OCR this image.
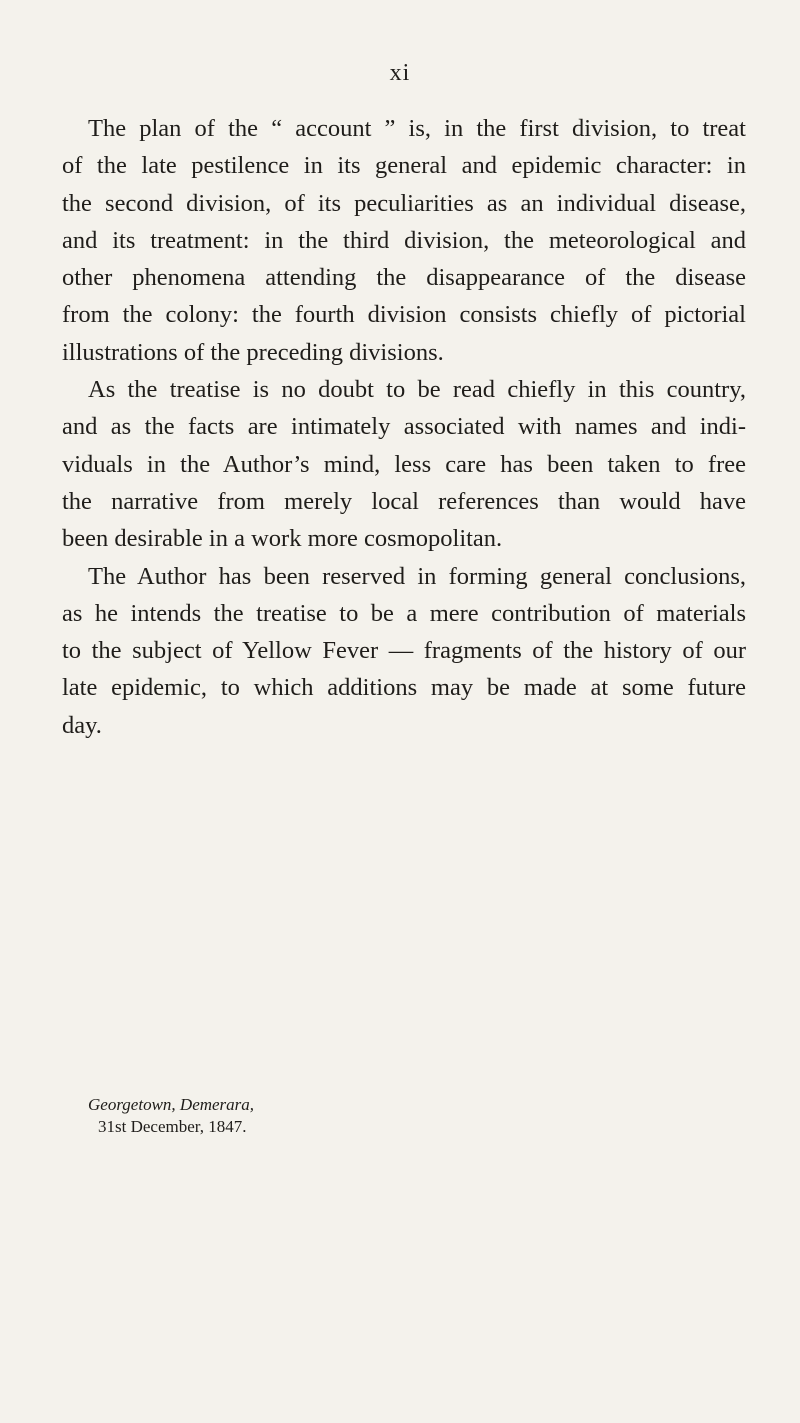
xi
The plan of the “ account ” is, in the first division, to treat
of the late pestilence in its general and epidemic character: in
the second division, of its peculiarities as an individual disease,
and its treatment: in the third division, the meteorological and
other phenomena attending the disappearance of the disease
from the colony: the fourth division consists chiefly of pictorial
illustrations of the preceding divisions.
As the treatise is no doubt to be read chiefly in this country,
and as the facts are intimately associated with names and indi-
viduals in the Author’s mind, less care has been taken to free
the narrative from merely local references than would have
been desirable in a work more cosmopolitan.
The Author has been reserved in forming general conclusions,
as he intends the treatise to be a mere contribution of materials
to the subject of Yellow Fever — fragments of the history of our
late epidemic, to which additions may be made at some future
day.
Georgetown, Demerara,
31st December, 1847.
